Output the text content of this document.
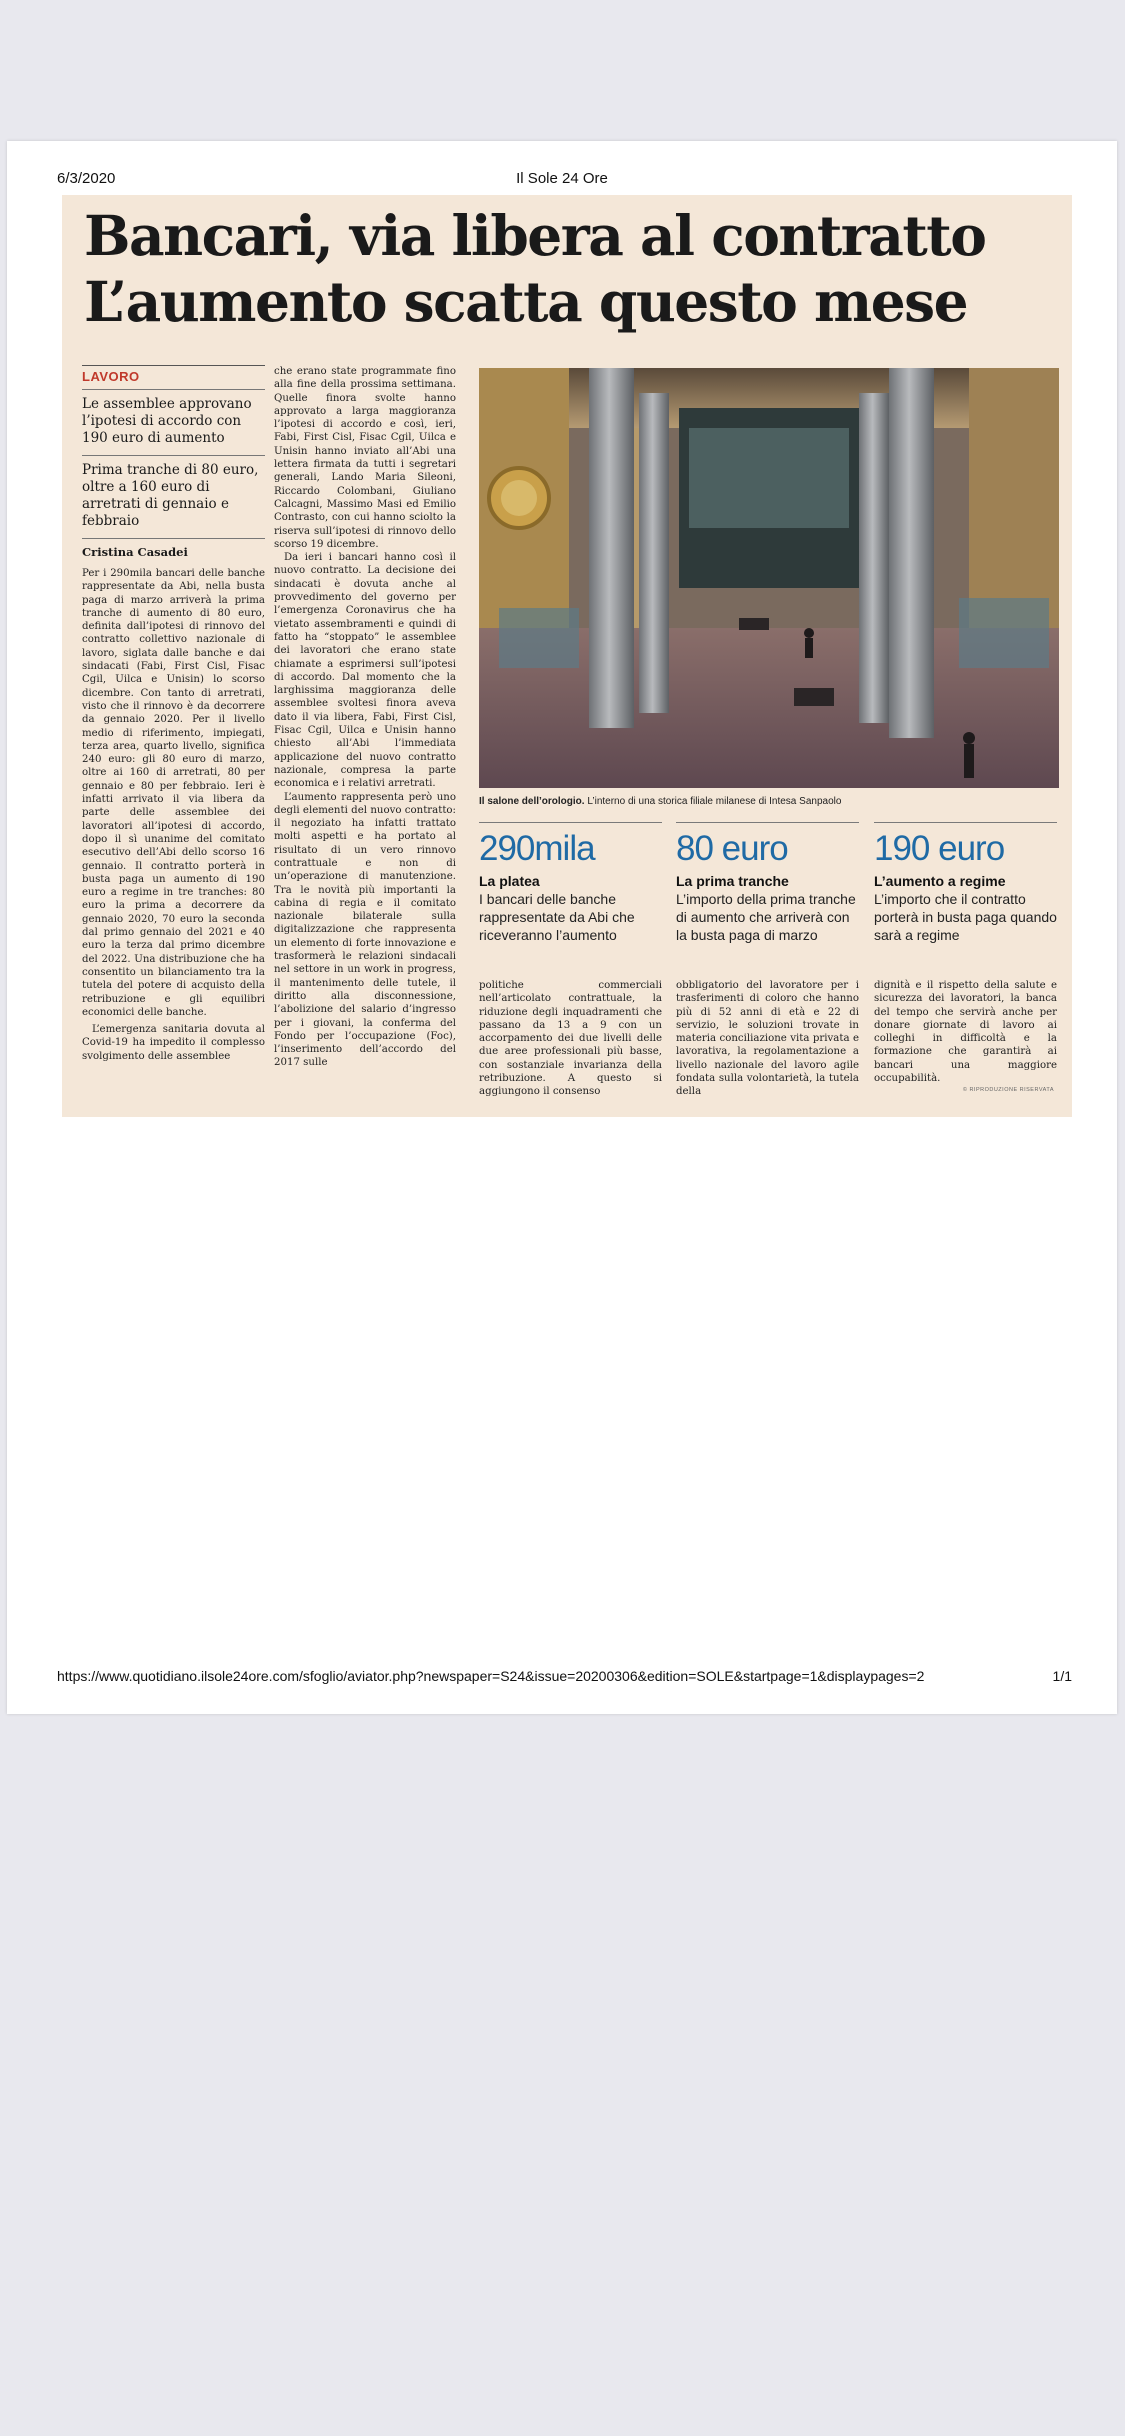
6/3/2020	Il Sole 24 Ore
Bancari, via libera al contratto
L’aumento scatta questo mese
LAVORO
Le assemblee approvano l’ipotesi di accordo con 190 euro di aumento
Prima tranche di 80 euro, oltre a 160 euro di arretrati di gennaio e febbraio
Cristina Casadei

Per i 290mila bancari delle banche rappresentate da Abi, nella busta paga di marzo arriverà la prima tranche di aumento di 80 euro, definita dall’ipotesi di rinnovo del contratto collettivo nazionale di lavoro, siglata dalle banche e dai sindacati (Fabi, First Cisl, Fisac Cgil, Uilca e Unisin) lo scorso dicembre. Con tanto di arretrati, visto che il rinnovo è da decorrere da gennaio 2020. Per il livello medio di riferimento, impiegati, terza area, quarto livello, significa 240 euro: gli 80 euro di marzo, oltre ai 160 di arretrati, 80 per gennaio e 80 per febbraio. Ieri è infatti arrivato il via libera da parte delle assemblee dei lavoratori all’ipotesi di accordo, dopo il sì unanime del comitato esecutivo dell’Abi dello scorso 16 gennaio. Il contratto porterà in busta paga un aumento di 190 euro a regime in tre tranches: 80 euro la prima a decorrere da gennaio 2020, 70 euro la seconda dal primo gennaio del 2021 e 40 euro la terza dal primo dicembre del 2022. Una distribuzione che ha consentito un bilanciamento tra la tutela del potere di acquisto della retribuzione e gli equilibri economici delle banche.

L’emergenza sanitaria dovuta al Covid-19 ha impedito il complesso svolgimento delle assemblee

che erano state programmate fino alla fine della prossima settimana. Quelle finora svolte hanno approvato a larga maggioranza l’ipotesi di accordo e così, ieri, Fabi, First Cisl, Fisac Cgil, Uilca e Unisin hanno inviato all’Abi una lettera firmata da tutti i segretari generali, Lando Maria Sileoni, Riccardo Colombani, Giuliano Calcagni, Massimo Masi ed Emilio Contrasto, con cui hanno sciolto la riserva sull’ipotesi di rinnovo dello scorso 19 dicembre.

Da ieri i bancari hanno così il nuovo contratto. La decisione dei sindacati è dovuta anche al provvedimento del governo per l’emergenza Coronavirus che ha vietato assembramenti e quindi di fatto ha “stoppato” le assemblee dei lavoratori che erano state chiamate a esprimersi sull’ipotesi di accordo. Dal momento che la larghissima maggioranza delle assemblee svoltesi finora aveva dato il via libera, Fabi, First Cisl, Fisac Cgil, Uilca e Unisin hanno chiesto all’Abi l’immediata applicazione del nuovo contratto nazionale, compresa la parte economica e i relativi arretrati.

L’aumento rappresenta però uno degli elementi del nuovo contratto: il negoziato ha infatti trattato molti aspetti e ha portato al risultato di un vero rinnovo contrattuale e non di un’operazione di manutenzione. Tra le novità più importanti la cabina di regia e il comitato nazionale bilaterale sulla digitalizzazione che rappresenta un elemento di forte innovazione e trasformerà le relazioni sindacali nel settore in un work in progress, il mantenimento delle tutele, il diritto alla disconnessione, l’abolizione del salario d’ingresso per i giovani, la conferma del Fondo per l’occupazione (Foc), l’inserimento dell’accordo del 2017 sulle

Il salone dell’orologio. L’interno di una storica filiale milanese di Intesa Sanpaolo
290mila
La platea
I bancari delle banche rappresentate da Abi che riceveranno l’aumento
80 euro
La prima tranche
L’importo della prima tranche di aumento che arriverà con la busta paga di marzo
190 euro
L’aumento a regime
L’importo che il contratto porterà in busta paga quando sarà a regime

politiche commerciali nell’articolato contrattuale, la riduzione degli inquadramenti che passano da 13 a 9 con un accorpamento dei due livelli delle due aree professionali più basse, con sostanziale invarianza della retribuzione. A questo si aggiungono il consenso

obbligatorio del lavoratore per i trasferimenti di coloro che hanno più di 52 anni di età e 22 di servizio, le soluzioni trovate in materia conciliazione vita privata e lavorativa, la regolamentazione a livello nazionale del lavoro agile fondata sulla volontarietà, la tutela della

dignità e il rispetto della salute e sicurezza dei lavoratori, la banca del tempo che servirà anche per donare giornate di lavoro ai colleghi in difficoltà e la formazione che garantirà ai bancari una maggiore occupabilità.

© RIPRODUZIONE RISERVATA
https://www.quotidiano.ilsole24ore.com/sfoglio/aviator.php?newspaper=S24&issue=20200306&edition=SOLE&startpage=1&displaypages=2	1/1
